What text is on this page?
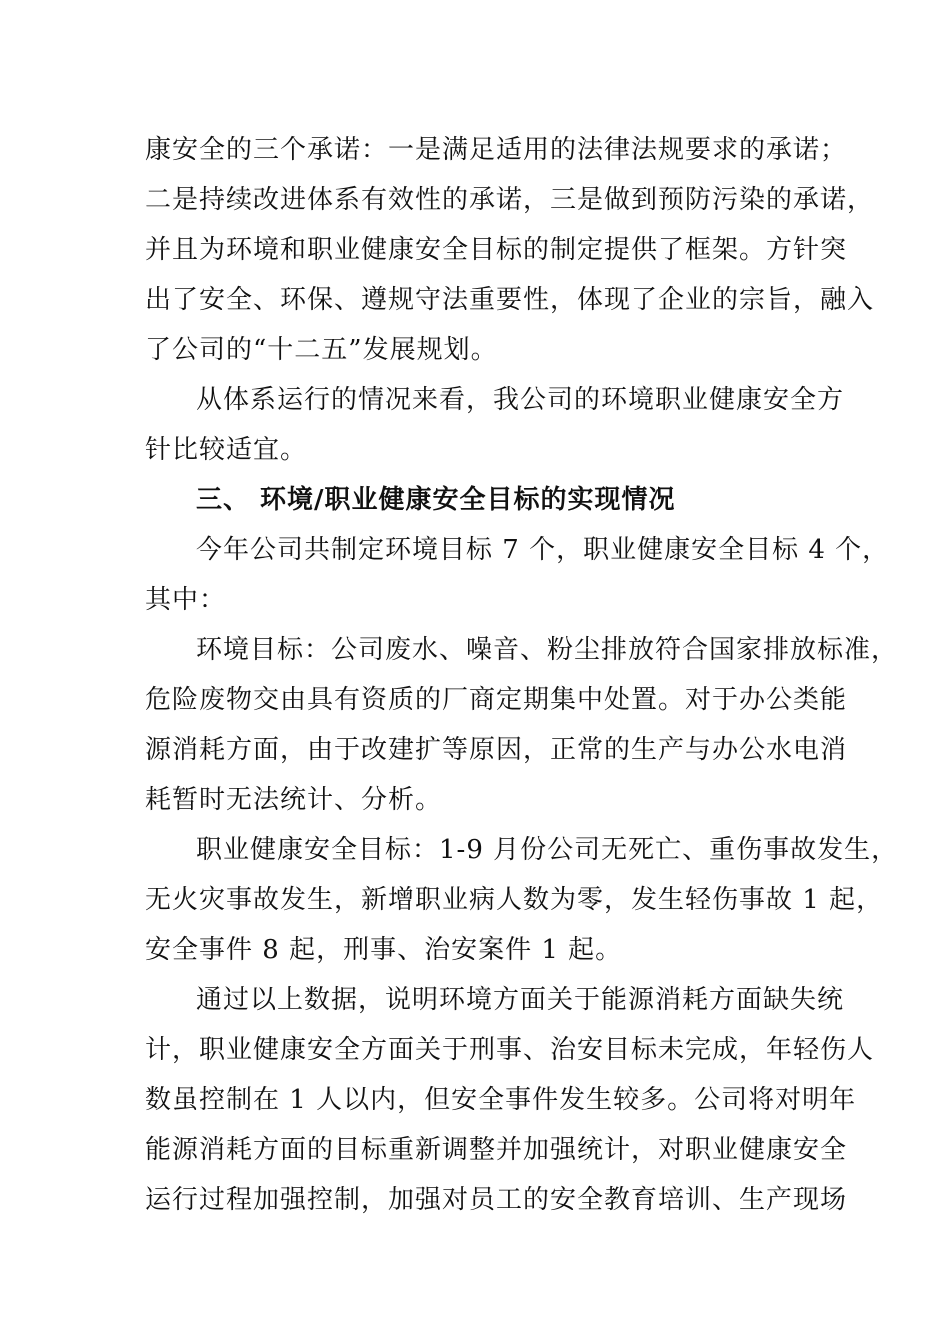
康安全的三个承诺：一是满足适用的法律法规要求的承诺；
二是持续改进体系有效性的承诺，三是做到预防污染的承诺，
并且为环境和职业健康安全目标的制定提供了框架。方针突
出了安全、环保、遵规守法重要性，体现了企业的宗旨，融入
了公司的“十二五”发展规划。
从体系运行的情况来看，我公司的环境职业健康安全方
针比较适宜。
三、 环境/职业健康安全目标的实现情况
今年公司共制定环境目标 7 个，职业健康安全目标 4 个，
其中：
环境目标：公司废水、噪音、粉尘排放符合国家排放标准，
危险废物交由具有资质的厂商定期集中处置。对于办公类能
源消耗方面，由于改建扩等原因，正常的生产与办公水电消
耗暂时无法统计、分析。
职业健康安全目标：1-9 月份公司无死亡、重伤事故发生，
无火灾事故发生，新增职业病人数为零，发生轻伤事故 1 起，
安全事件 8 起，刑事、治安案件 1 起。
通过以上数据，说明环境方面关于能源消耗方面缺失统
计，职业健康安全方面关于刑事、治安目标未完成，年轻伤人
数虽控制在 1 人以内，但安全事件发生较多。公司将对明年
能源消耗方面的目标重新调整并加强统计，对职业健康安全
运行过程加强控制，加强对员工的安全教育培训、生产现场
